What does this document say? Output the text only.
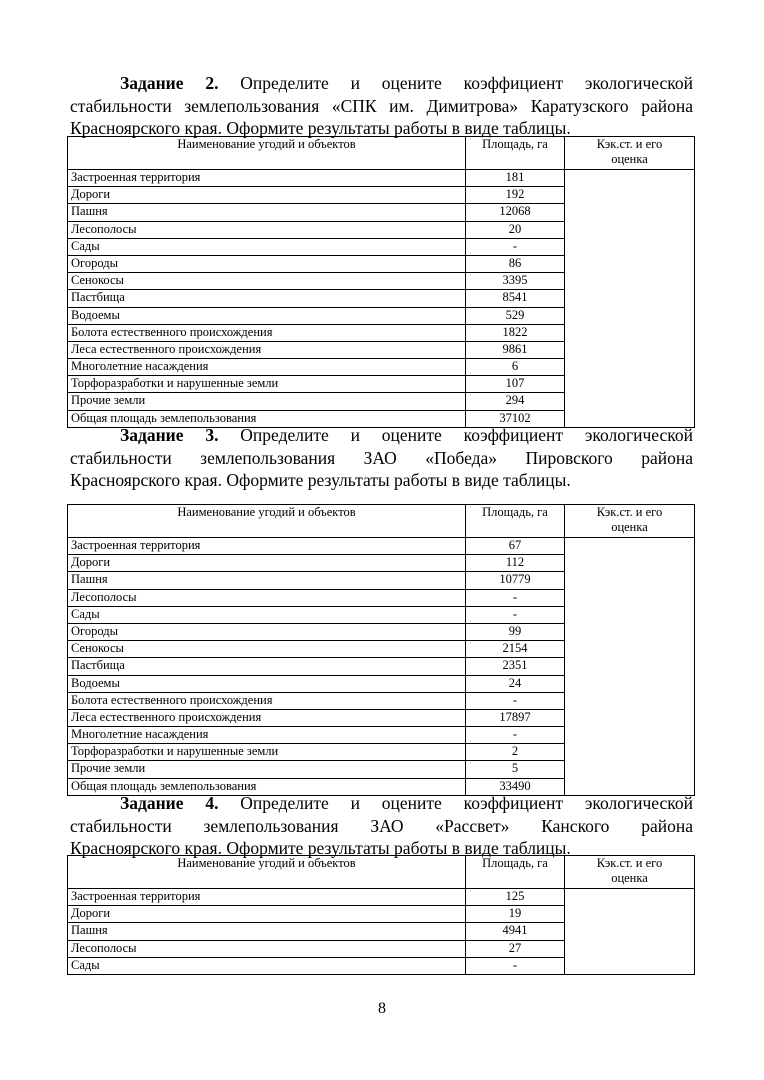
Задание 2. Определите и оцените коэффициент экологической
стабильности землепользования «СПК им. Димитрова» Каратузского района
Красноярского края. Оформите результаты работы в виде таблицы.
Наименование угодий и объектов	Площадь, га	Кэк.ст. и его
оценка
Застроенная территория	181	
Дороги	192	
Пашня	12068	
Лесополосы	20	
Сады	-	
Огороды	86	
Сенокосы	3395	
Пастбища	8541	
Водоемы	529	
Болота естественного происхождения	1822	
Леса естественного происхождения	9861	
Многолетние насаждения	6	
Торфоразработки и нарушенные земли	107	
Прочие земли	294	
Общая площадь землепользования	37102	
Задание 3. Определите и оцените коэффициент экологической
стабильности землепользования ЗАО «Победа» Пировского района
Красноярского края. Оформите результаты работы в виде таблицы.
Наименование угодий и объектов	Площадь, га	Кэк.ст. и его
оценка
Застроенная территория	67	
Дороги	112	
Пашня	10779	
Лесополосы	-	
Сады	-	
Огороды	99	
Сенокосы	2154	
Пастбища	2351	
Водоемы	24	
Болота естественного происхождения	-	
Леса естественного происхождения	17897	
Многолетние насаждения	-	
Торфоразработки и нарушенные земли	2	
Прочие земли	5	
Общая площадь землепользования	33490	
Задание 4. Определите и оцените коэффициент экологической
стабильности землепользования ЗАО «Рассвет» Канского района
Красноярского края. Оформите результаты работы в виде таблицы.
Наименование угодий и объектов	Площадь, га	Кэк.ст. и его
оценка
Застроенная территория	125	
Дороги	19	
Пашня	4941	
Лесополосы	27	
Сады	-	
8
